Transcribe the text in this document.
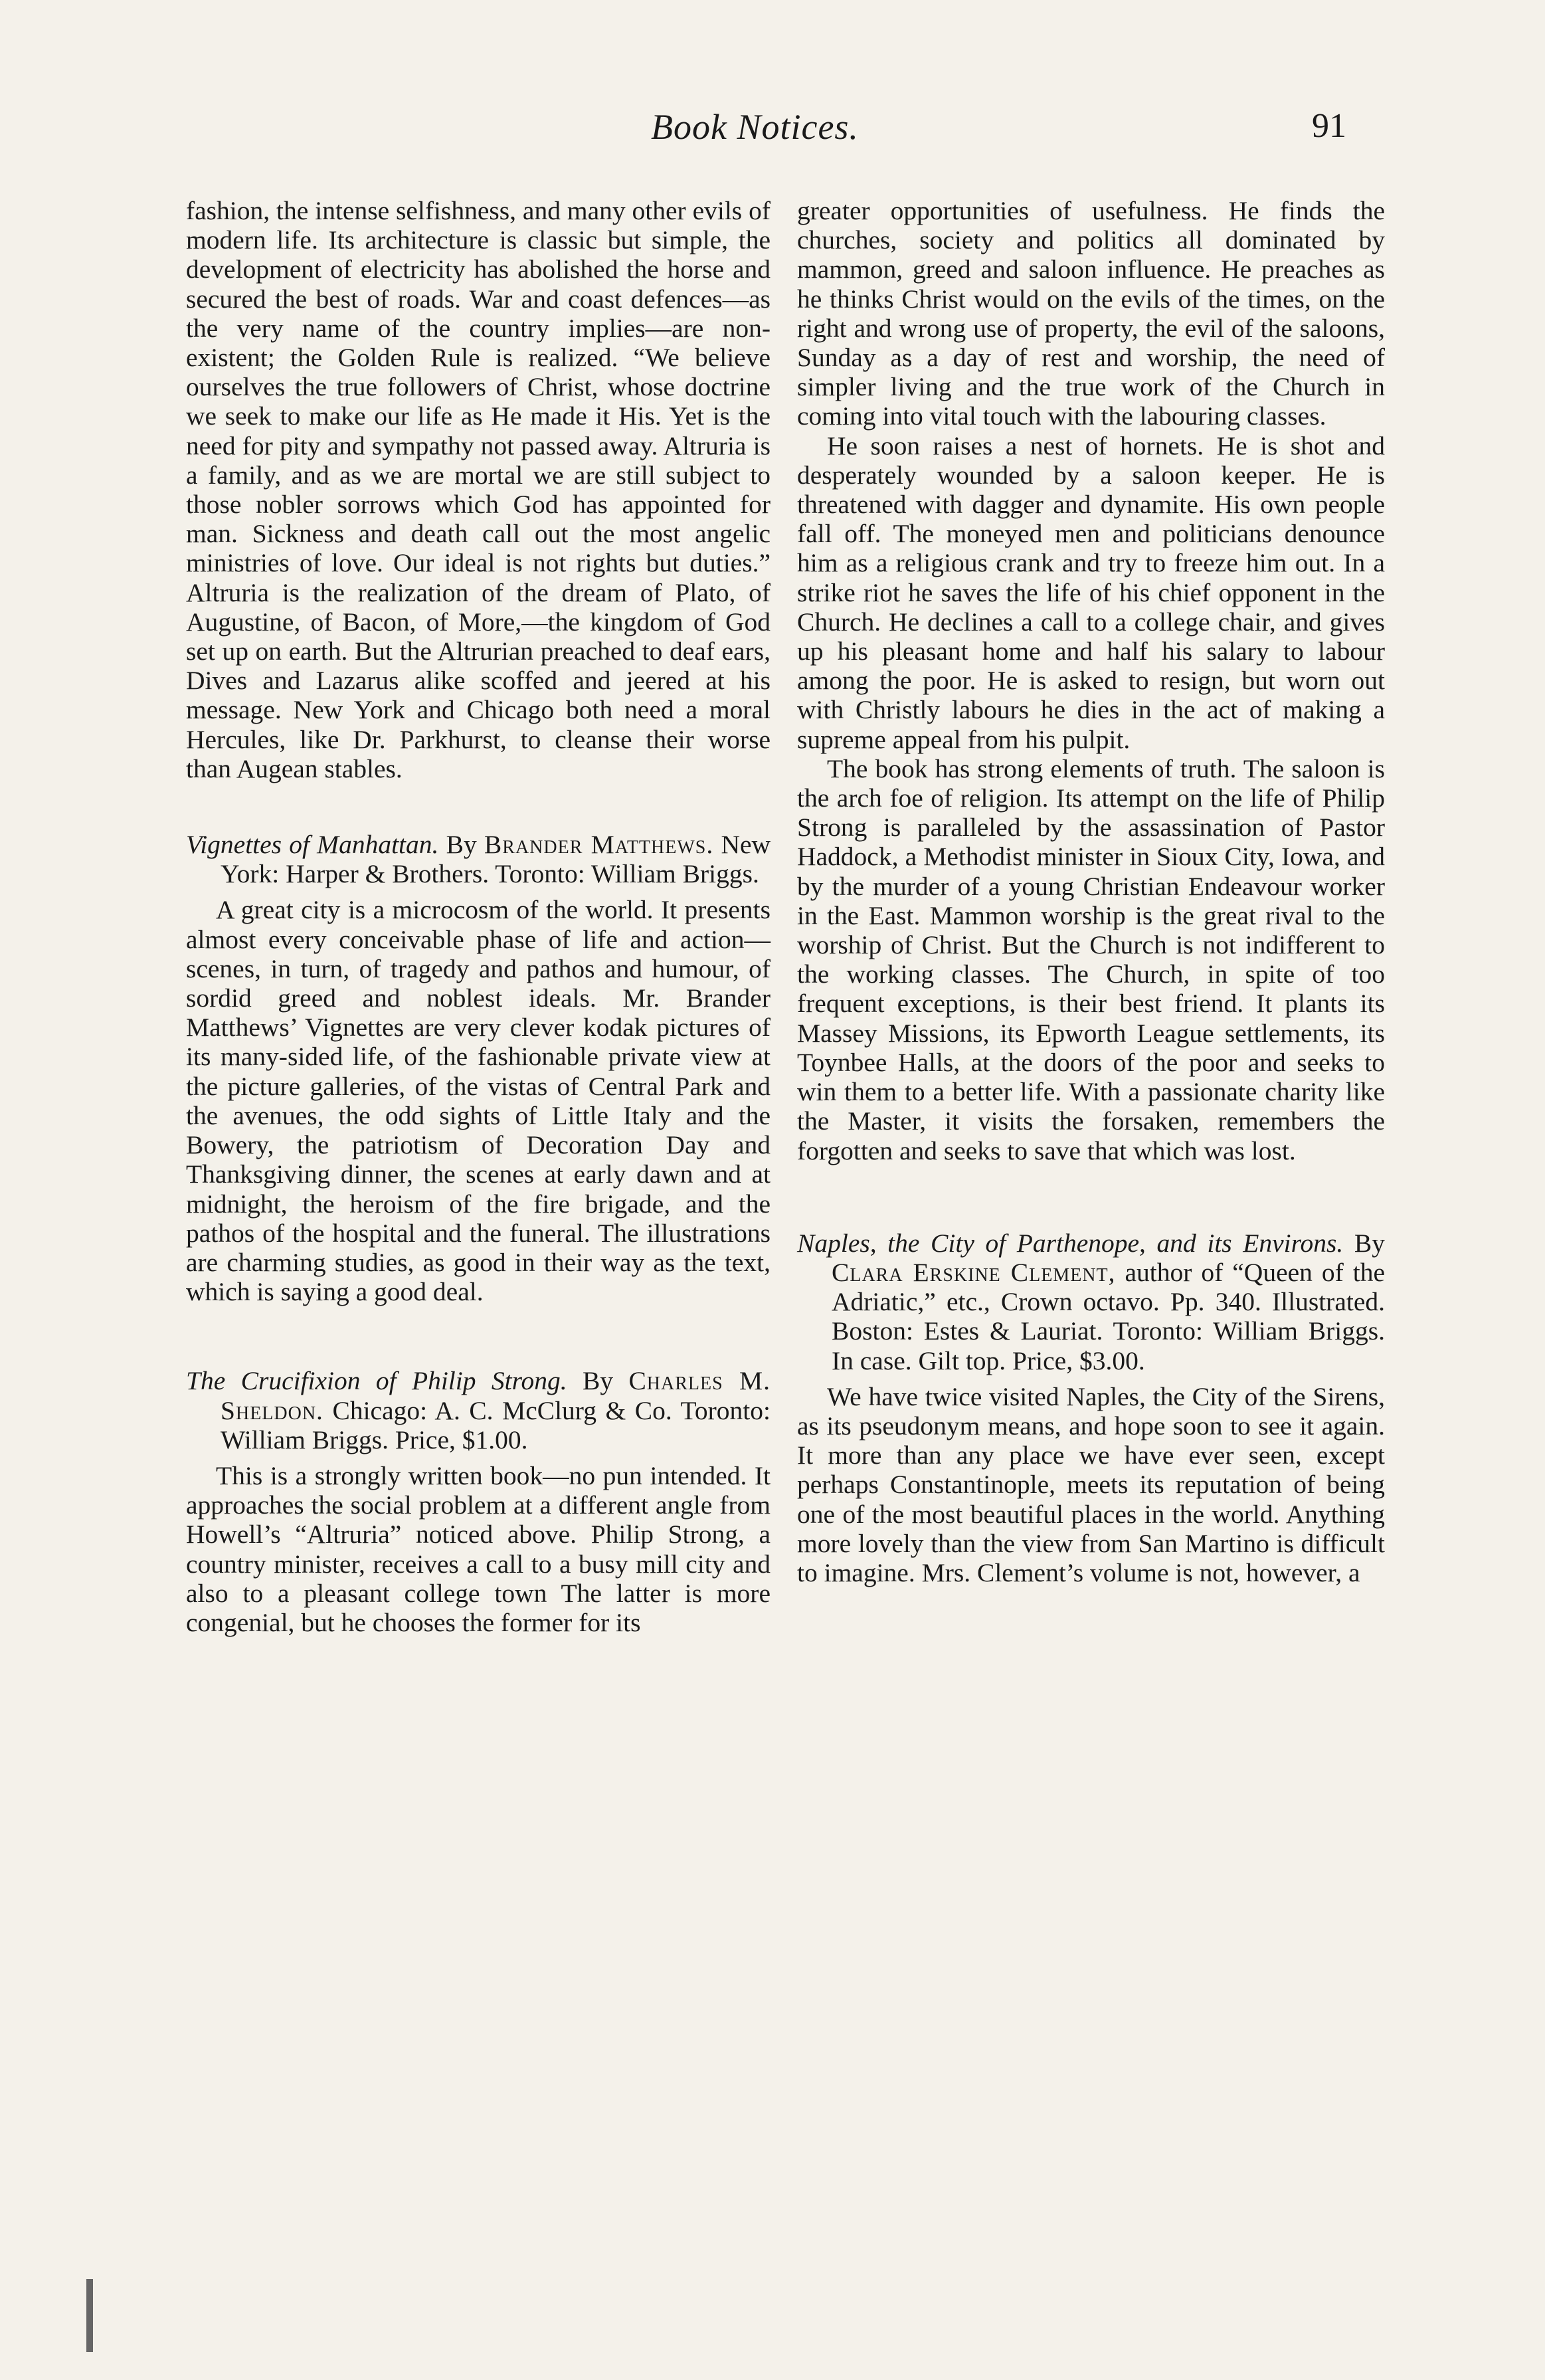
Book Notices.	91

fashion, the intense selfishness, and many other evils of modern life. Its architecture is classic but simple, the development of electricity has abolished the horse and secured the best of roads. War and coast defences—as the very name of the country implies—are non-existent; the Golden Rule is realized. “We believe ourselves the true followers of Christ, whose doctrine we seek to make our life as He made it His. Yet is the need for pity and sympathy not passed away. Altruria is a family, and as we are mortal we are still subject to those nobler sorrows which God has appointed for man. Sickness and death call out the most angelic ministries of love. Our ideal is not rights but duties.” Altruria is the realization of the dream of Plato, of Augustine, of Bacon, of More,—the kingdom of God set up on earth. But the Altrurian preached to deaf ears, Dives and Lazarus alike scoffed and jeered at his message. New York and Chicago both need a moral Hercules, like Dr. Parkhurst, to cleanse their worse than Augean stables.

Vignettes of Manhattan. By Brander Matthews. New York: Harper & Brothers. Toronto: William Briggs.

A great city is a microcosm of the world. It presents almost every conceivable phase of life and action—scenes, in turn, of tragedy and pathos and humour, of sordid greed and noblest ideals. Mr. Brander Matthews’ Vignettes are very clever kodak pictures of its many-sided life, of the fashionable private view at the picture galleries, of the vistas of Central Park and the avenues, the odd sights of Little Italy and the Bowery, the patriotism of Decoration Day and Thanksgiving dinner, the scenes at early dawn and at midnight, the heroism of the fire brigade, and the pathos of the hospital and the funeral. The illustrations are charming studies, as good in their way as the text, which is saying a good deal.

The Crucifixion of Philip Strong. By Charles M. Sheldon. Chicago: A. C. McClurg & Co. Toronto: William Briggs. Price, $1.00.

This is a strongly written book—no pun intended. It approaches the social problem at a different angle from Howell’s “Altruria” noticed above. Philip Strong, a country minister, receives a call to a busy mill city and also to a pleasant college town The latter is more congenial, but he chooses the former for its

greater opportunities of usefulness. He finds the churches, society and politics all dominated by mammon, greed and saloon influence. He preaches as he thinks Christ would on the evils of the times, on the right and wrong use of property, the evil of the saloons, Sunday as a day of rest and worship, the need of simpler living and the true work of the Church in coming into vital touch with the labouring classes.

He soon raises a nest of hornets. He is shot and desperately wounded by a saloon keeper. He is threatened with dagger and dynamite. His own people fall off. The moneyed men and politicians denounce him as a religious crank and try to freeze him out. In a strike riot he saves the life of his chief opponent in the Church. He declines a call to a college chair, and gives up his pleasant home and half his salary to labour among the poor. He is asked to resign, but worn out with Christly labours he dies in the act of making a supreme appeal from his pulpit.

The book has strong elements of truth. The saloon is the arch foe of religion. Its attempt on the life of Philip Strong is paralleled by the assassination of Pastor Haddock, a Methodist minister in Sioux City, Iowa, and by the murder of a young Christian Endeavour worker in the East. Mammon worship is the great rival to the worship of Christ. But the Church is not indifferent to the working classes. The Church, in spite of too frequent exceptions, is their best friend. It plants its Massey Missions, its Epworth League settlements, its Toynbee Halls, at the doors of the poor and seeks to win them to a better life. With a passionate charity like the Master, it visits the forsaken, remembers the forgotten and seeks to save that which was lost.

Naples, the City of Parthenope, and its Environs. By Clara Erskine Clement, author of “Queen of the Adriatic,” etc., Crown octavo. Pp. 340. Illustrated. Boston: Estes & Lauriat. Toronto: William Briggs. In case. Gilt top. Price, $3.00.

We have twice visited Naples, the City of the Sirens, as its pseudonym means, and hope soon to see it again. It more than any place we have ever seen, except perhaps Constantinople, meets its reputation of being one of the most beautiful places in the world. Anything more lovely than the view from San Martino is difficult to imagine. Mrs. Clement’s volume is not, however, a
